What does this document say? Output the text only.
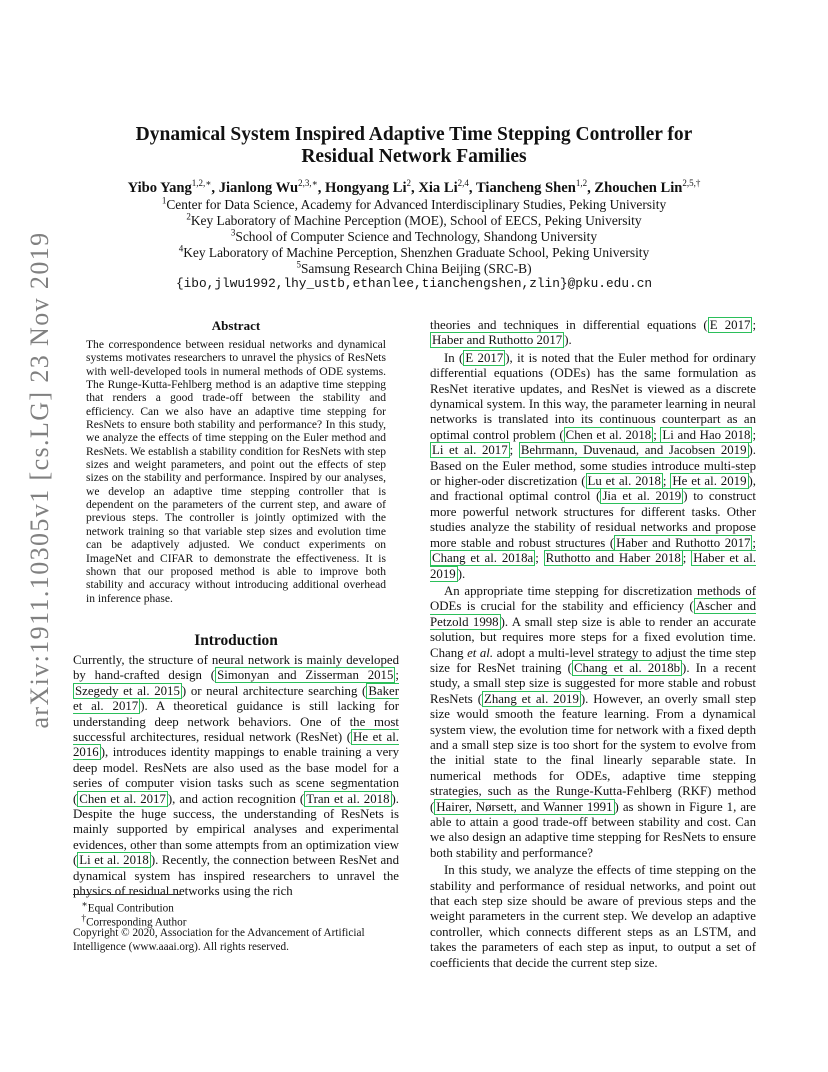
arXiv:1911.10305v1 [cs.LG] 23 Nov 2019
Dynamical System Inspired Adaptive Time Stepping Controller for
Residual Network Families
Yibo Yang$^{1,2,∗}$, Jianlong $Wu^{2,3,∗}$, Hongyang Li$^2$, Xia Li$^{2,4}$, Tiancheng Shen$^{1,2}$, Zhouchen Lin$^{2,5,\dagger}$
$^1$Center for Data Science, Academy for Advanced Interdisciplinary Studies, Peking University
$^2$Key Laboratory of Machine Perception (MOE), School of EECS, Peking University
$^3$School of Computer Science and Technology, Shandong University
$^4$Key Laboratory of Machine Perception, Shenzhen Graduate School, Peking University
$^5$Samsung Research China Beijing (SRC-B)
{ibo,jlwu1992,lhy_ustb,ethanlee,tianchengshen,zlin}@pku.edu.cn
Abstract
The correspondence between residual networks and dynamical systems motivates researchers to unravel the physics of ResNets with well-developed tools in numeral methods of ODE systems. The Runge-Kutta-Fehlberg method is an adaptive time stepping that renders a good trade-off between the stability and efficiency. Can we also have an adaptive time stepping for ResNets to ensure both stability and performance? In this study, we analyze the effects of time stepping on the Euler method and ResNets. We establish a stability condition for ResNets with step sizes and weight parameters, and point out the effects of step sizes on the stability and performance. Inspired by our analyses, we develop an adaptive time stepping controller that is dependent on the parameters of the current step, and aware of previous steps. The controller is jointly optimized with the network training so that variable step sizes and evolution time can be adaptively adjusted. We conduct experiments on ImageNet and CIFAR to demonstrate the effectiveness. It is shown that our proposed method is able to improve both stability and accuracy without introducing additional overhead in inference phase.
Introduction

Currently, the structure of neural network is mainly developed by hand-crafted design ( Simonyan and Zisserman 2015 ; Szegedy et al. 2015 ) or neural architecture searching ( Baker et al. 2017 ). A theoretical guidance is still lacking for understanding deep network behaviors. One of the most successful architectures, residual network (ResNet) ( He et al. 2016 ), introduces identity mappings to enable training a very deep model. ResNets are also used as the base model for a series of computer vision tasks such as scene segmentation ( Chen et al. 2017 ), and action recognition ( Tran et al. 2018 ). Despite the huge success, the understanding of ResNets is mainly supported by empirical analyses and experimental evidences, other than some attempts from an optimization view ( Li et al. 2018 ). Recently, the connection between ResNet and dynamical system has inspired researchers to unravel the physics of residual networks using the rich

∗Equal Contribution
†Corresponding Author
Copyright © 2020, Association for the Advancement of Artificial
Intelligence (www.aaai.org). All rights reserved.

theories and techniques in differential equations ( E 2017 ; Haber and Ruthotto 2017 ).

In ( E 2017 ), it is noted that the Euler method for ordinary differential equations (ODEs) has the same formulation as ResNet iterative updates, and ResNet is viewed as a discrete dynamical system. In this way, the parameter learning in neural networks is translated into its continuous counterpart as an optimal control problem ( Chen et al. 2018 ; Li and Hao 2018 ; Li et al. 2017 ; Behrmann, Duvenaud, and Jacobsen 2019 ). Based on the Euler method, some studies introduce multi-step or higher-oder discretization ( Lu et al. 2018 ; He et al. 2019 ), and fractional optimal control ( Jia et al. 2019 ) to construct more powerful network structures for different tasks. Other studies analyze the stability of residual networks and propose more stable and robust structures ( Haber and Ruthotto 2017 ; Chang et al. 2018a ; Ruthotto and Haber 2018 ; Haber et al. 2019 ).

An appropriate time stepping for discretization methods of ODEs is crucial for the stability and efficiency ( Ascher and Petzold 1998 ). A small step size is able to render an accurate solution, but requires more steps for a fixed evolution time. Chang et al. adopt a multi-level strategy to adjust the time step size for ResNet training ( Chang et al. 2018b ). In a recent study, a small step size is suggested for more stable and robust ResNets ( Zhang et al. 2019 ). However, an overly small step size would smooth the feature learning. From a dynamical system view, the evolution time for network with a fixed depth and a small step size is too short for the system to evolve from the initial state to the final linearly separable state. In numerical methods for ODEs, adaptive time stepping strategies, such as the Runge-Kutta-Fehlberg (RKF) method ( Hairer, Nørsett, and Wanner 1991 ) as shown in Figure 1, are able to attain a good trade-off between stability and cost. Can we also design an adaptive time stepping for ResNets to ensure both stability and performance?

In this study, we analyze the effects of time stepping on the stability and performance of residual networks, and point out that each step size should be aware of previous steps and the weight parameters in the current step. We develop an adaptive controller, which connects different steps as an LSTM, and takes the parameters of each step as input, to output a set of coefficients that decide the current step size.
